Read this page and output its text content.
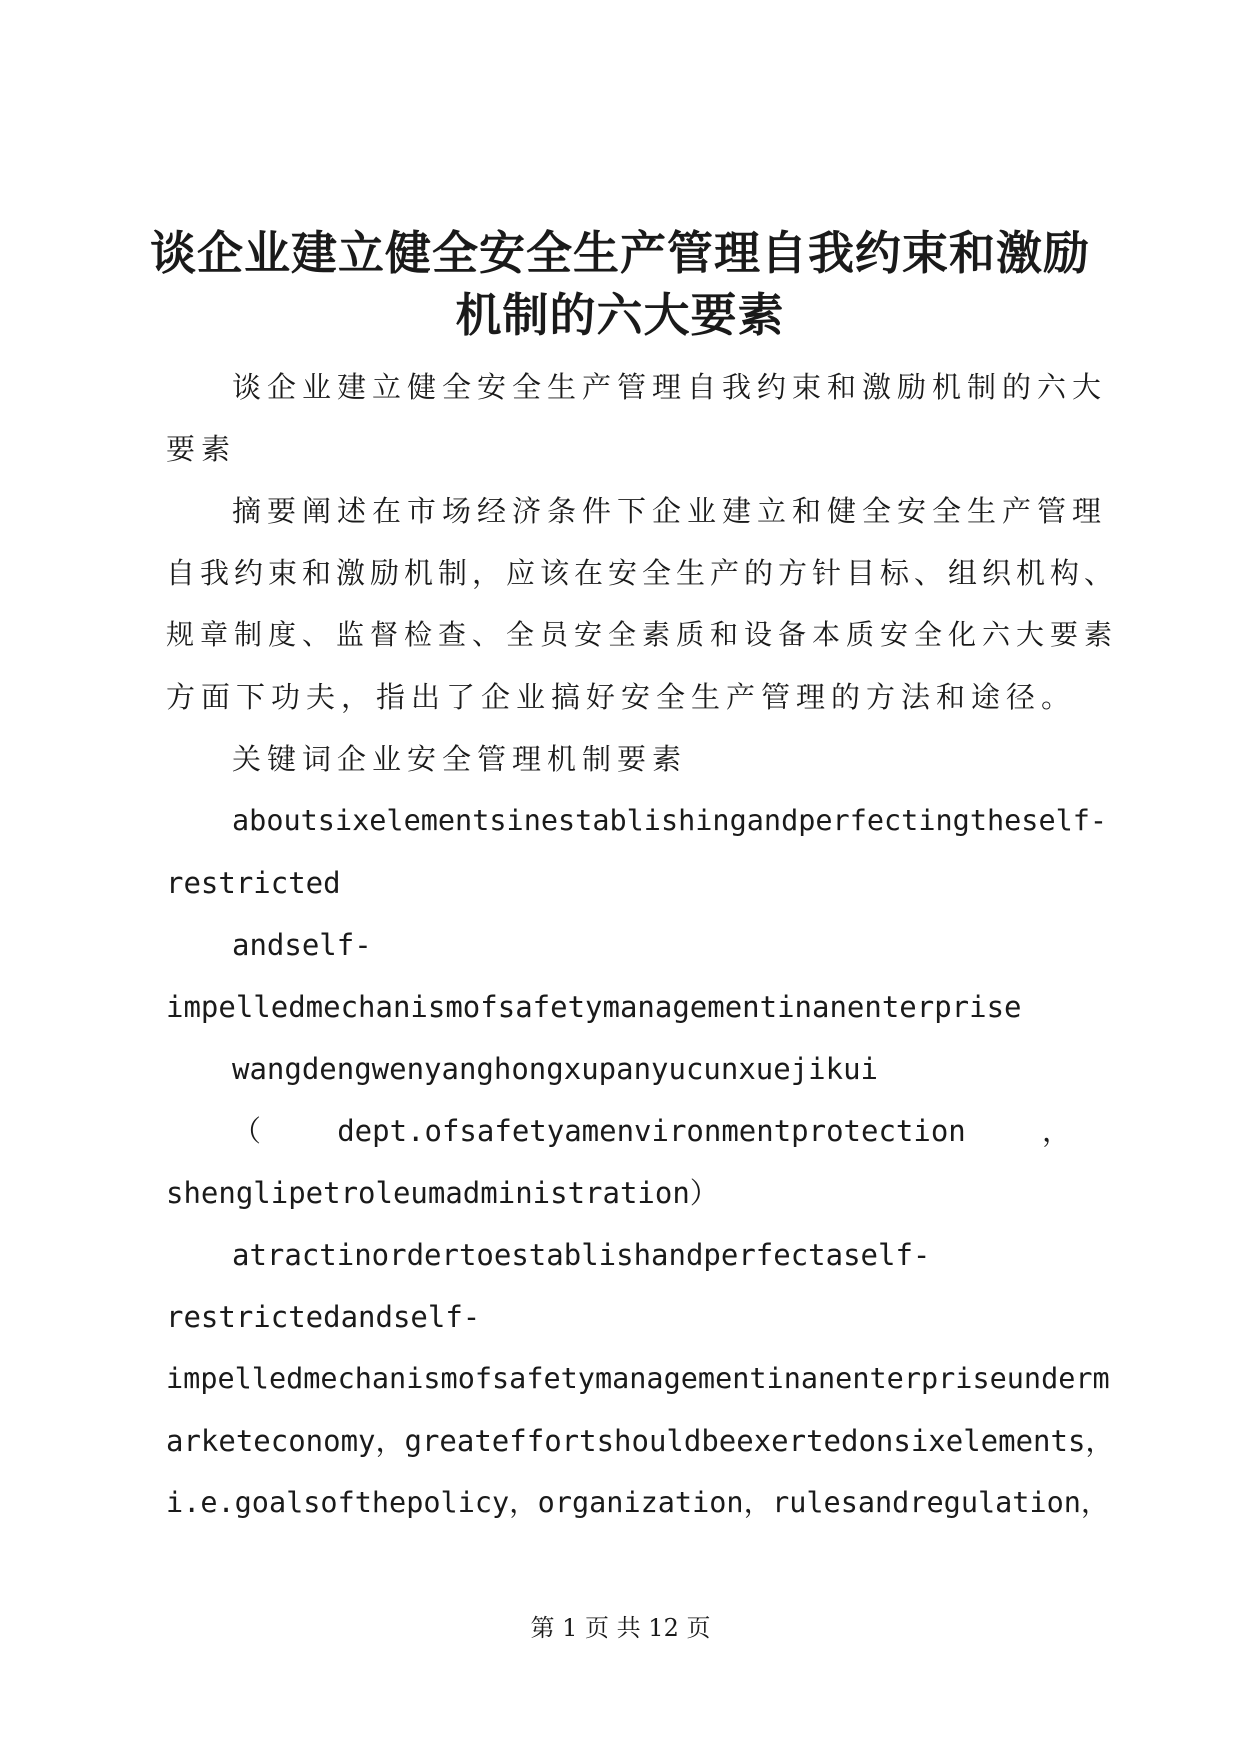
谈企业建立健全安全生产管理自我约束和激励
机制的六大要素
谈企业建立健全安全生产管理自我约束和激励机制的六大
要素
摘要阐述在市场经济条件下企业建立和健全安全生产管理
自我约束和激励机制，应该在安全生产的方针目标、组织机构、
规章制度、监督检查、全员安全素质和设备本质安全化六大要素
方面下功夫，指出了企业搞好安全生产管理的方法和途径。
关键词企业安全管理机制要素
aboutsixelementsinestablishingandperfectingtheself-
restricted
andself-
impelledmechanismofsafetymanagementinanenterprise
wangdengwenyanghongxupanyucunxuejikui
（	dept.ofsafetyamenvironmentprotection	，
shenglipetroleumadministration）
atractinordertoestablishandperfectaself-
restrictedandself-
impelledmechanismofsafetymanagementinanenterpriseunderm
arketeconomy，greateffortshouldbeexertedonsixelements，
i.e.goalsofthepolicy，organization，rulesandregulation，
第 1 页 共 12 页
